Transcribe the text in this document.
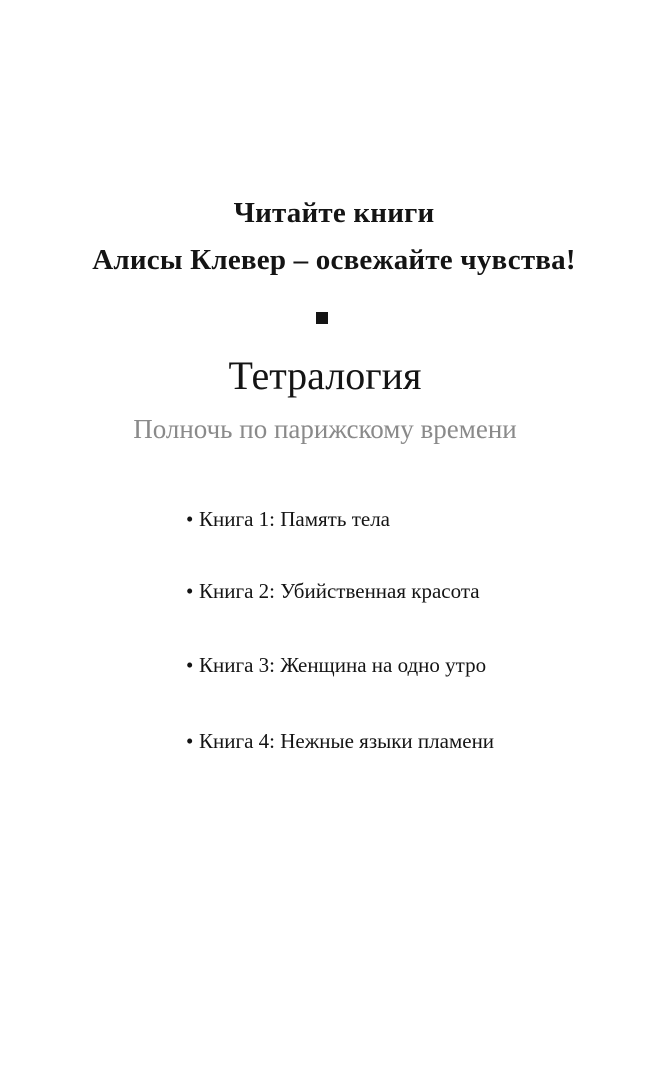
Читайте книги
Алисы Клевер – освежайте чувства!
Тетралогия
Полночь по парижскому времени
• Книга 1: Память тела
• Книга 2: Убийственная красота
• Книга 3: Женщина на одно утро
• Книга 4: Нежные языки пламени
